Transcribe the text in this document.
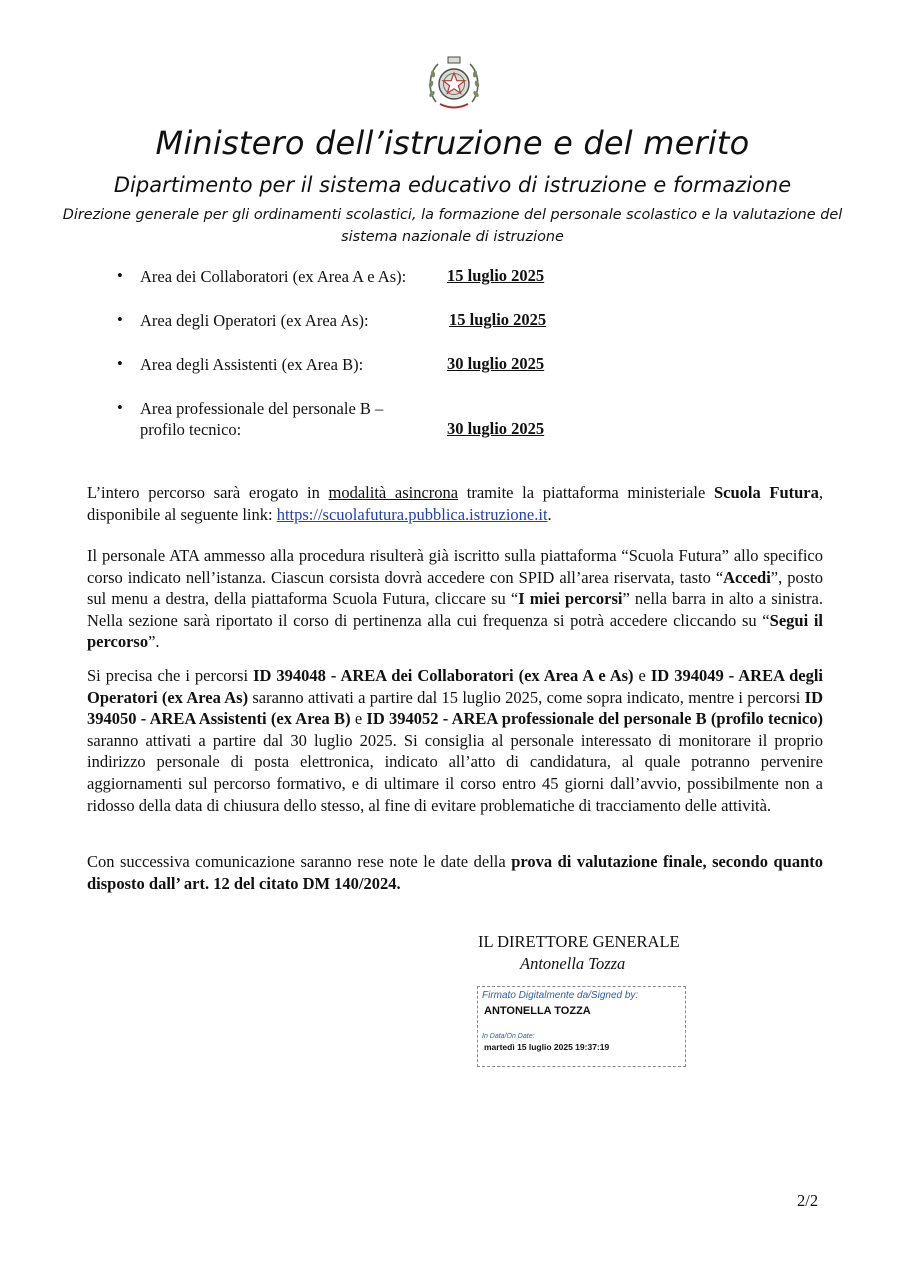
Ministero dell’istruzione e del merito
Dipartimento per il sistema educativo di istruzione e formazione
Direzione generale per gli ordinamenti scolastici, la formazione del personale scolastico e la valutazione del
sistema nazionale di istruzione
• Area dei Collaboratori (ex Area A e As):	15 luglio 2025
• Area degli Operatori (ex Area As):	15 luglio 2025
• Area degli Assistenti (ex Area B):	30 luglio 2025
• Area professionale del personale B –
profilo tecnico:	30 luglio 2025

L’intero percorso sarà erogato in modalità asincrona tramite la piattaforma ministeriale Scuola Futura, disponibile al seguente link: https://scuolafutura.pubblica.istruzione.it.

Il personale ATA ammesso alla procedura risulterà già iscritto sulla piattaforma “Scuola Futura” allo specifico corso indicato nell’istanza. Ciascun corsista dovrà accedere con SPID all’area riservata, tasto “Accedi”, posto sul menu a destra, della piattaforma Scuola Futura, cliccare su “I miei percorsi” nella barra in alto a sinistra. Nella sezione sarà riportato il corso di pertinenza alla cui frequenza si potrà accedere cliccando su “Segui il percorso”.

Si precisa che i percorsi ID 394048 - AREA dei Collaboratori (ex Area A e As) e ID 394049 - AREA degli Operatori (ex Area As) saranno attivati a partire dal 15 luglio 2025, come sopra indicato, mentre i percorsi ID 394050 - AREA Assistenti (ex Area B) e ID 394052 - AREA professionale del personale B (profilo tecnico) saranno attivati a partire dal 30 luglio 2025. Si consiglia al personale interessato di monitorare il proprio indirizzo personale di posta elettronica, indicato all’atto di candidatura, al quale potranno pervenire aggiornamenti sul percorso formativo, e di ultimare il corso entro 45 giorni dall’avvio, possibilmente non a ridosso della data di chiusura dello stesso, al fine di evitare problematiche di tracciamento delle attività.

Con successiva comunicazione saranno rese note le date della prova di valutazione finale, secondo quanto disposto dall’ art. 12 del citato DM 140/2024.

IL DIRETTORE GENERALE
Antonella Tozza
Firmato Digitalmente da/Signed by:
ANTONELLA TOZZA
In Data/On Date:
martedì 15 luglio 2025 19:37:19
2/2
